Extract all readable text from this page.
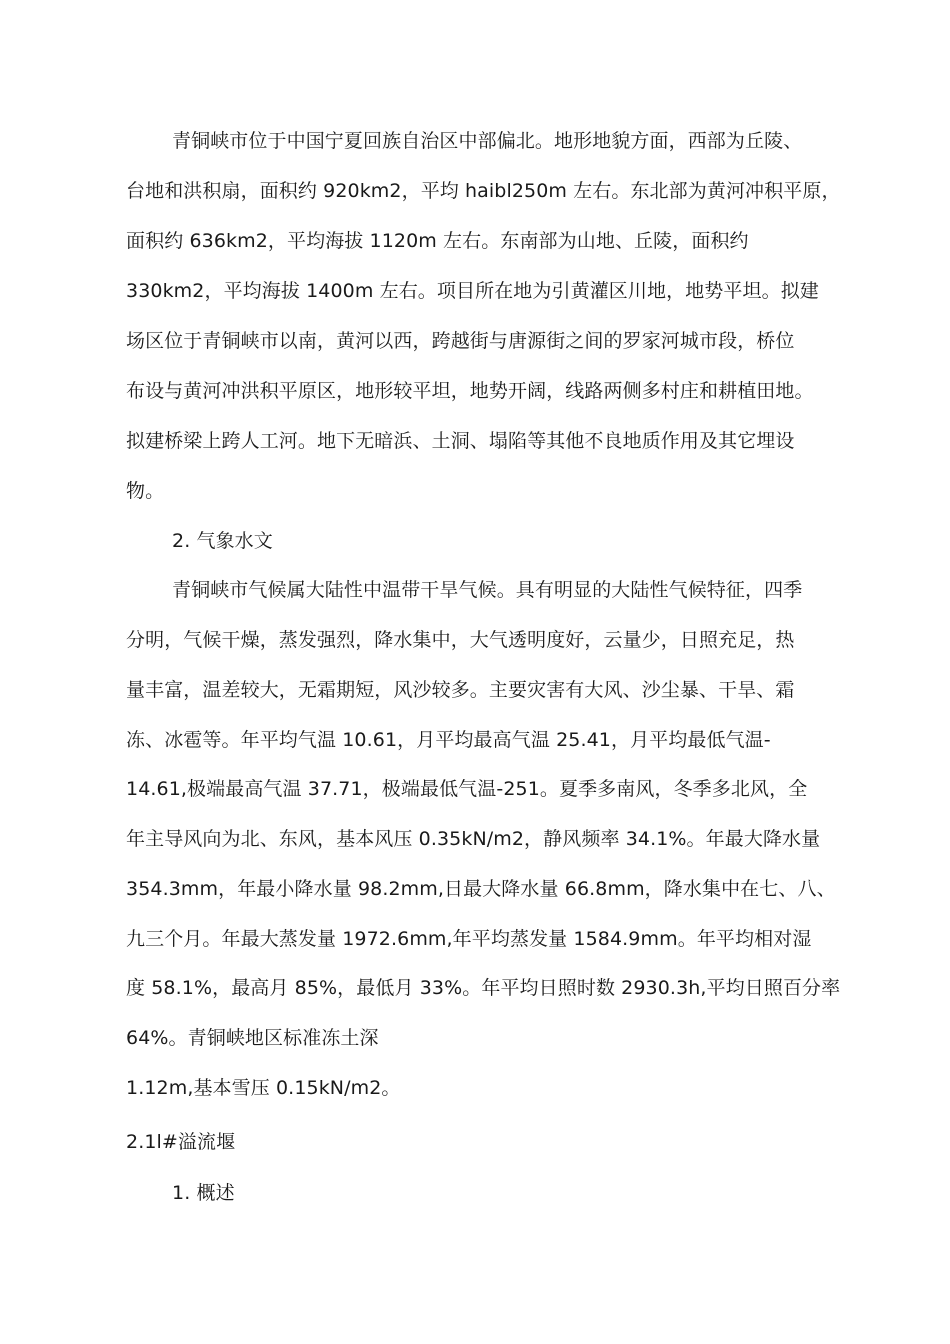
青铜峡市位于中国宁夏回族自治区中部偏北。地形地貌方面，西部为丘陵、
台地和洪积扇，面积约 920km2，平均 haibl250m 左右。东北部为黄河冲积平原，
面积约 636km2，平均海拔 1120m 左右。东南部为山地、丘陵，面积约
330km2，平均海拔 1400m 左右。项目所在地为引黄灌区川地，地势平坦。拟建
场区位于青铜峡市以南，黄河以西，跨越街与唐源街之间的罗家河城市段，桥位
布设与黄河冲洪积平原区，地形较平坦，地势开阔，线路两侧多村庄和耕植田地。
拟建桥梁上跨人工河。地下无暗浜、土洞、塌陷等其他不良地质作用及其它埋设
物。
2. 气象水文
青铜峡市气候属大陆性中温带干旱气候。具有明显的大陆性气候特征，四季
分明，气候干燥，蒸发强烈，降水集中，大气透明度好，云量少，日照充足，热
量丰富，温差较大，无霜期短，风沙较多。主要灾害有大风、沙尘暴、干旱、霜
冻、冰雹等。年平均气温 10.61，月平均最高气温 25.41，月平均最低气温-
14.61,极端最高气温 37.71，极端最低气温-251。夏季多南风，冬季多北风，全
年主导风向为北、东风，基本风压 0.35kN/m2，静风频率 34.1%。年最大降水量
354.3mm，年最小降水量 98.2mm,日最大降水量 66.8mm，降水集中在七、八、
九三个月。年最大蒸发量 1972.6mm,年平均蒸发量 1584.9mm。年平均相对湿
度 58.1%，最高月 85%，最低月 33%。年平均日照时数 2930.3h,平均日照百分率
64%。青铜峡地区标准冻土深
1.12m,基本雪压 0.15kN/m2。
2.1l#溢流堰
1. 概述
